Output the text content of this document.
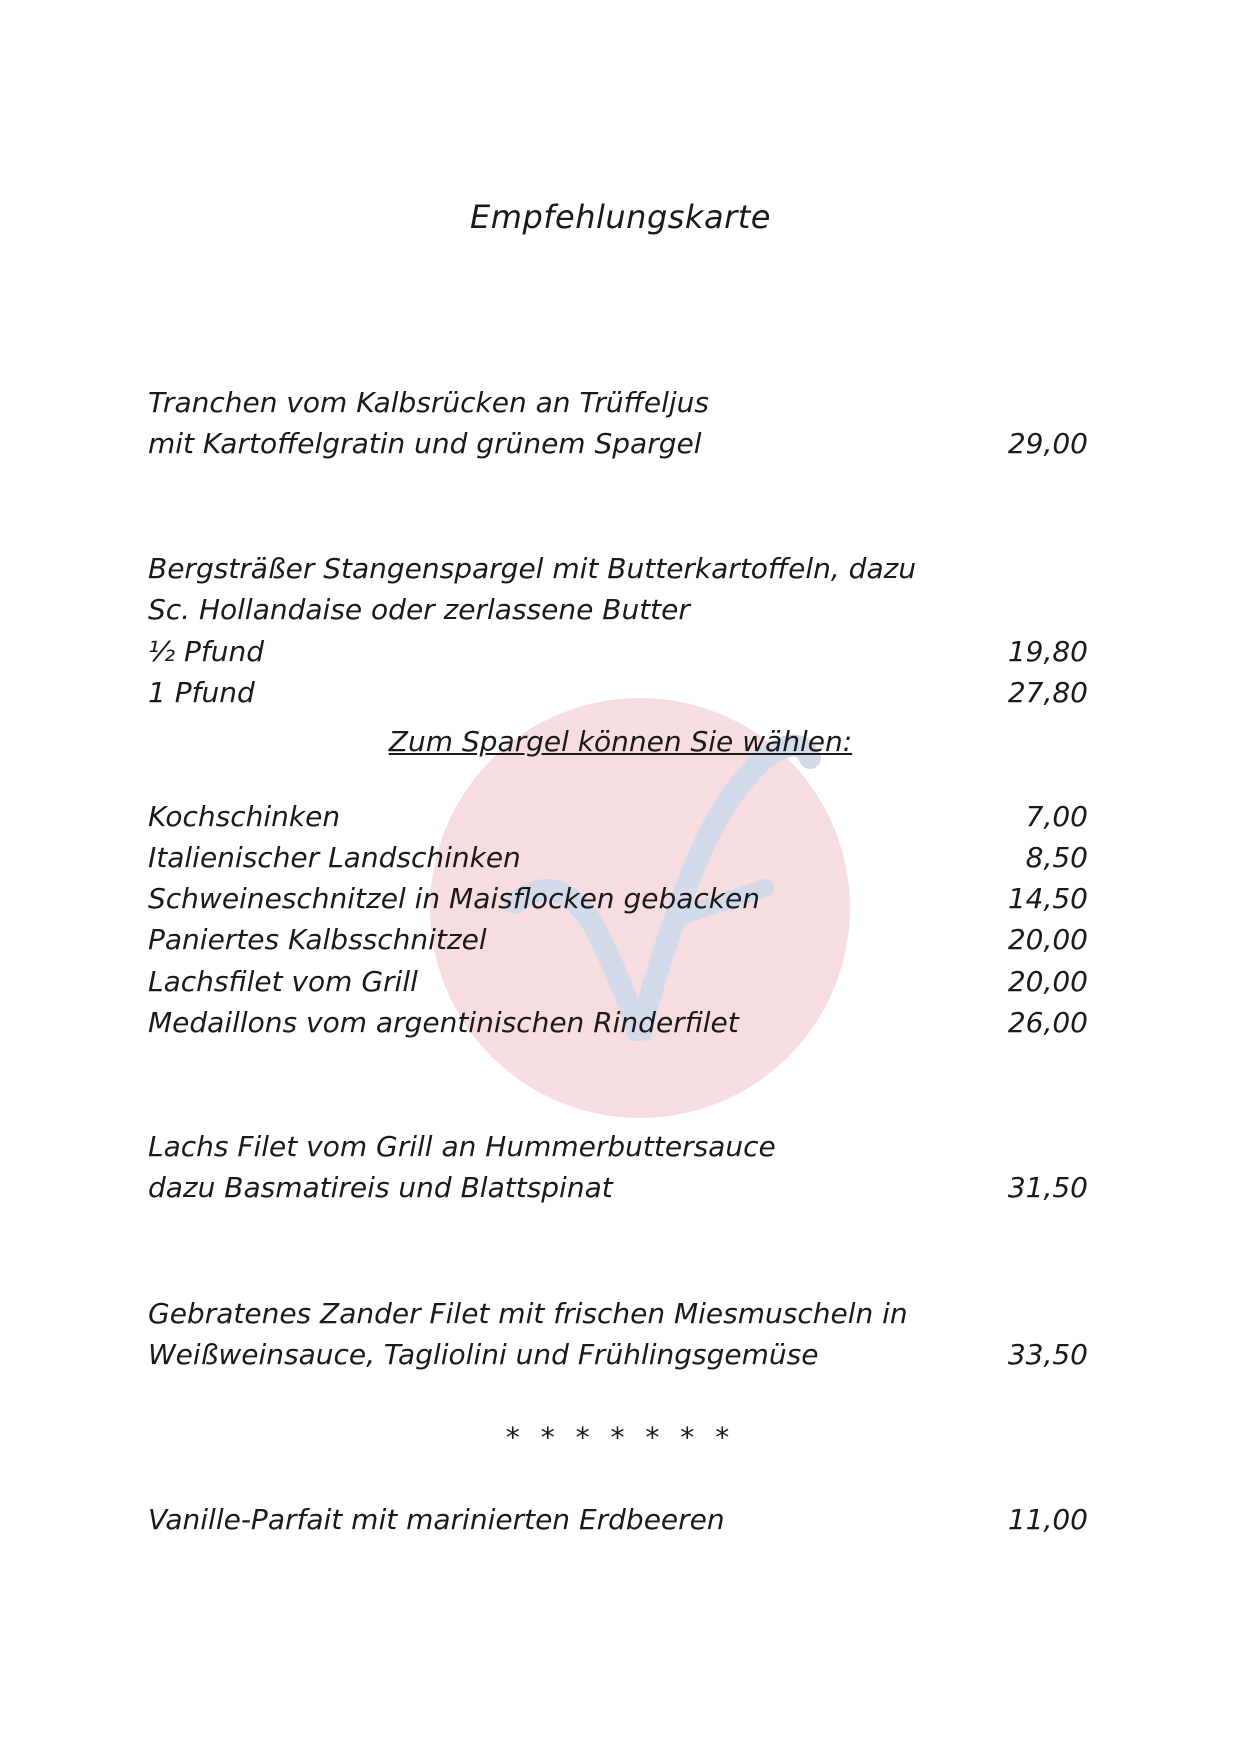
Empfehlungskarte
Tranchen vom Kalbsrücken an Trüffeljus
mit Kartoffelgratin und grünem Spargel	29,00
Bergsträßer Stangenspargel mit Butterkartoffeln, dazu
Sc. Hollandaise oder zerlassene Butter
½ Pfund	19,80
1 Pfund	27,80
Zum Spargel können Sie wählen:
Kochschinken	7,00
Italienischer Landschinken	8,50
Schweineschnitzel in Maisflocken gebacken	14,50
Paniertes Kalbsschnitzel	20,00
Lachsfilet vom Grill	20,00
Medaillons vom argentinischen Rinderfilet	26,00
Lachs Filet vom Grill an Hummerbuttersauce
dazu Basmatireis und Blattspinat	31,50
Gebratenes Zander Filet mit frischen Miesmuscheln in
Weißweinsauce, Tagliolini und Frühlingsgemüse	33,50
* * * * * * *
Vanille-Parfait mit marinierten Erdbeeren	11,00
